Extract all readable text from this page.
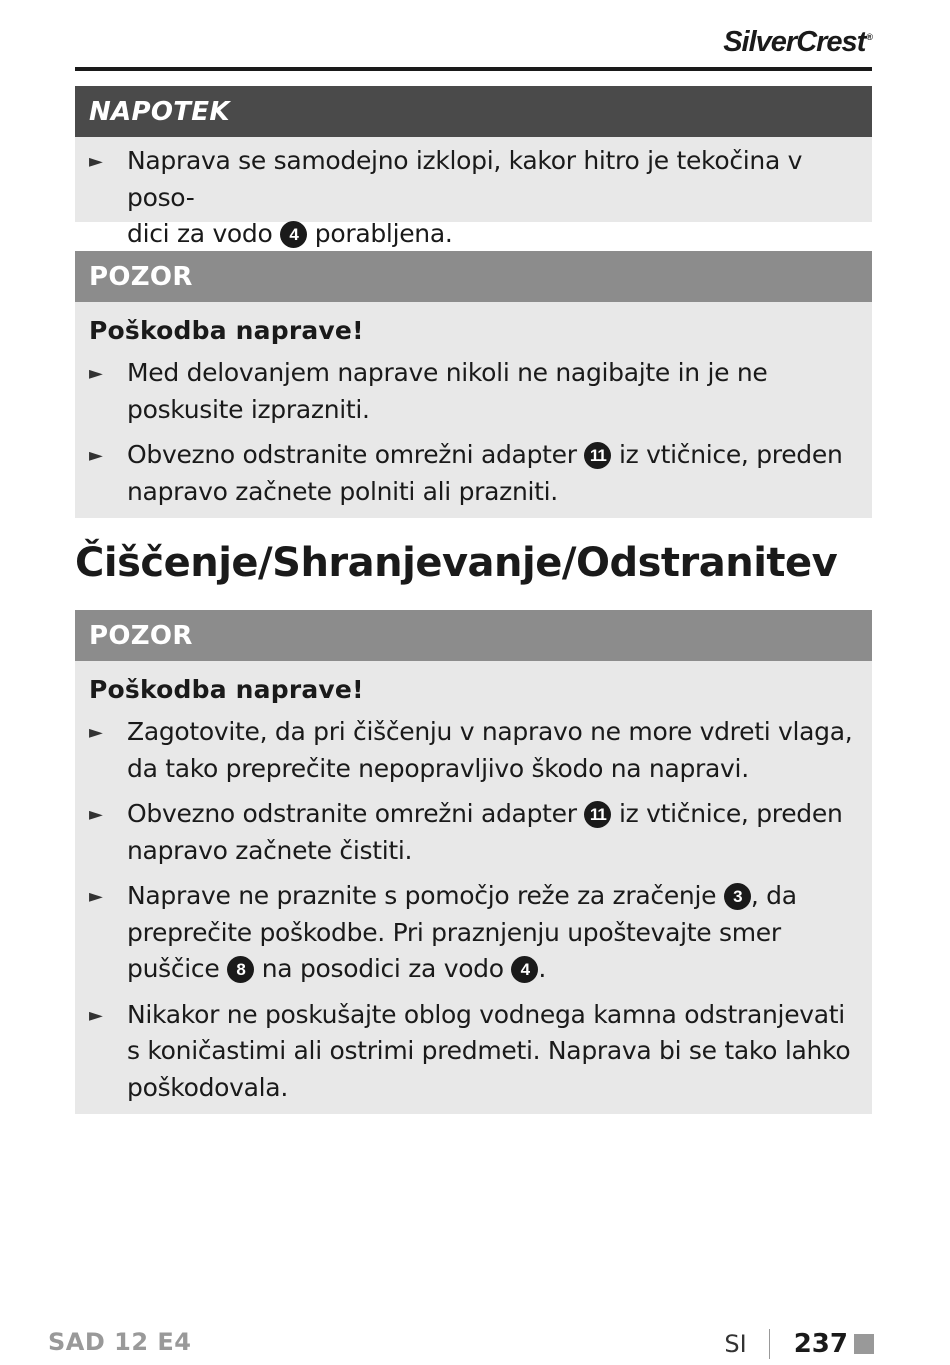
SilverCrest®
NAPOTEK
► Naprava se samodejno izklopi, kakor hitro je tekočina v poso-
dici za vodo 4 porabljena.
POZOR
Poškodba naprave!
► Med delovanjem naprave nikoli ne nagibajte in je ne poskusite izprazniti.
► Obvezno odstranite omrežni adapter 11 iz vtičnice, preden napravo začnete polniti ali prazniti.
Čiščenje/Shranjevanje/Odstranitev
POZOR
Poškodba naprave!
► Zagotovite, da pri čiščenju v napravo ne more vdreti vlaga, da tako preprečite nepopravljivo škodo na napravi.
► Obvezno odstranite omrežni adapter 11 iz vtičnice, preden napravo začnete čistiti.
► Naprave ne praznite s pomočjo reže za zračenje 3 , da preprečite poškodbe. Pri praznjenju upoštevajte smer puščice 8 na posodici za vodo 4 .
► Nikakor ne poskušajte oblog vodnega kamna odstranjevati s koničastimi ali ostrimi predmeti. Naprava bi se tako lahko poškodovala.
SAD 12 E4	SI 237
